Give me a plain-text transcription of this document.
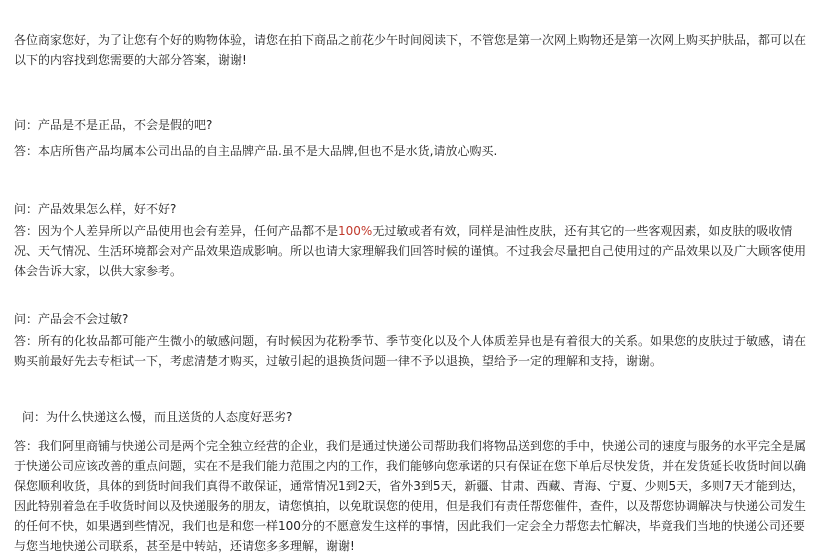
各位商家您好，为了让您有个好的购物体验，请您在拍下商品之前花少午时间阅读下，不管您是第一次网上购物还是第一次网上购买护肤品，都可以在以下的内容找到您需要的大部分答案，谢谢!

问：产品是不是正品，不会是假的吧?

答：本店所售产品均属本公司出品的自主品牌产品.虽不是大品牌,但也不是水货,请放心购买.

问：产品效果怎么样，好不好?

答：因为个人差异所以产品使用也会有差异，任何产品都不是100%无过敏或者有效，同样是油性皮肤，还有其它的一些客观因素，如皮肤的吸收情况、天气情况、生活环境都会对产品效果造成影响。所以也请大家理解我们回答时候的谨慎。不过我会尽量把自己使用过的产品效果以及广大顾客使用体会告诉大家，以供大家参考。

问：产品会不会过敏?

答：所有的化妆品都可能产生微小的敏感问题，有时候因为花粉季节、季节变化以及个人体质差异也是有着很大的关系。如果您的皮肤过于敏感，请在购买前最好先去专柜试一下，考虑清楚才购买，过敏引起的退换货问题一律不予以退换，望给予一定的理解和支持，谢谢。

问：为什么快递这么慢，而且送货的人态度好恶劣?

答：我们阿里商铺与快递公司是两个完全独立经营的企业，我们是通过快递公司帮助我们将物品送到您的手中，快递公司的速度与服务的水平完全是属于快递公司应该改善的重点问题，实在不是我们能力范围之内的工作，我们能够向您承诺的只有保证在您下单后尽快发货，并在发货延长收货时间以确保您顺利收货，具体的到货时间我们真得不敢保证，通常情况1到2天，省外3到5天，新疆、甘肃、西藏、青海、宁夏、少则5天，多则7天才能到达，因此特别着急在手收货时间以及快递服务的朋友，请您慎拍，以免耽误您的使用，但是我们有责任帮您催件，查件，以及帮您协调解决与快递公司发生的任何不快，如果遇到些情况，我们也是和您一样100分的不愿意发生这样的事情，因此我们一定会全力帮您去忙解决，毕竟我们当地的快递公司还要与您当地快递公司联系，甚至是中转站，还请您多多理解，谢谢!
